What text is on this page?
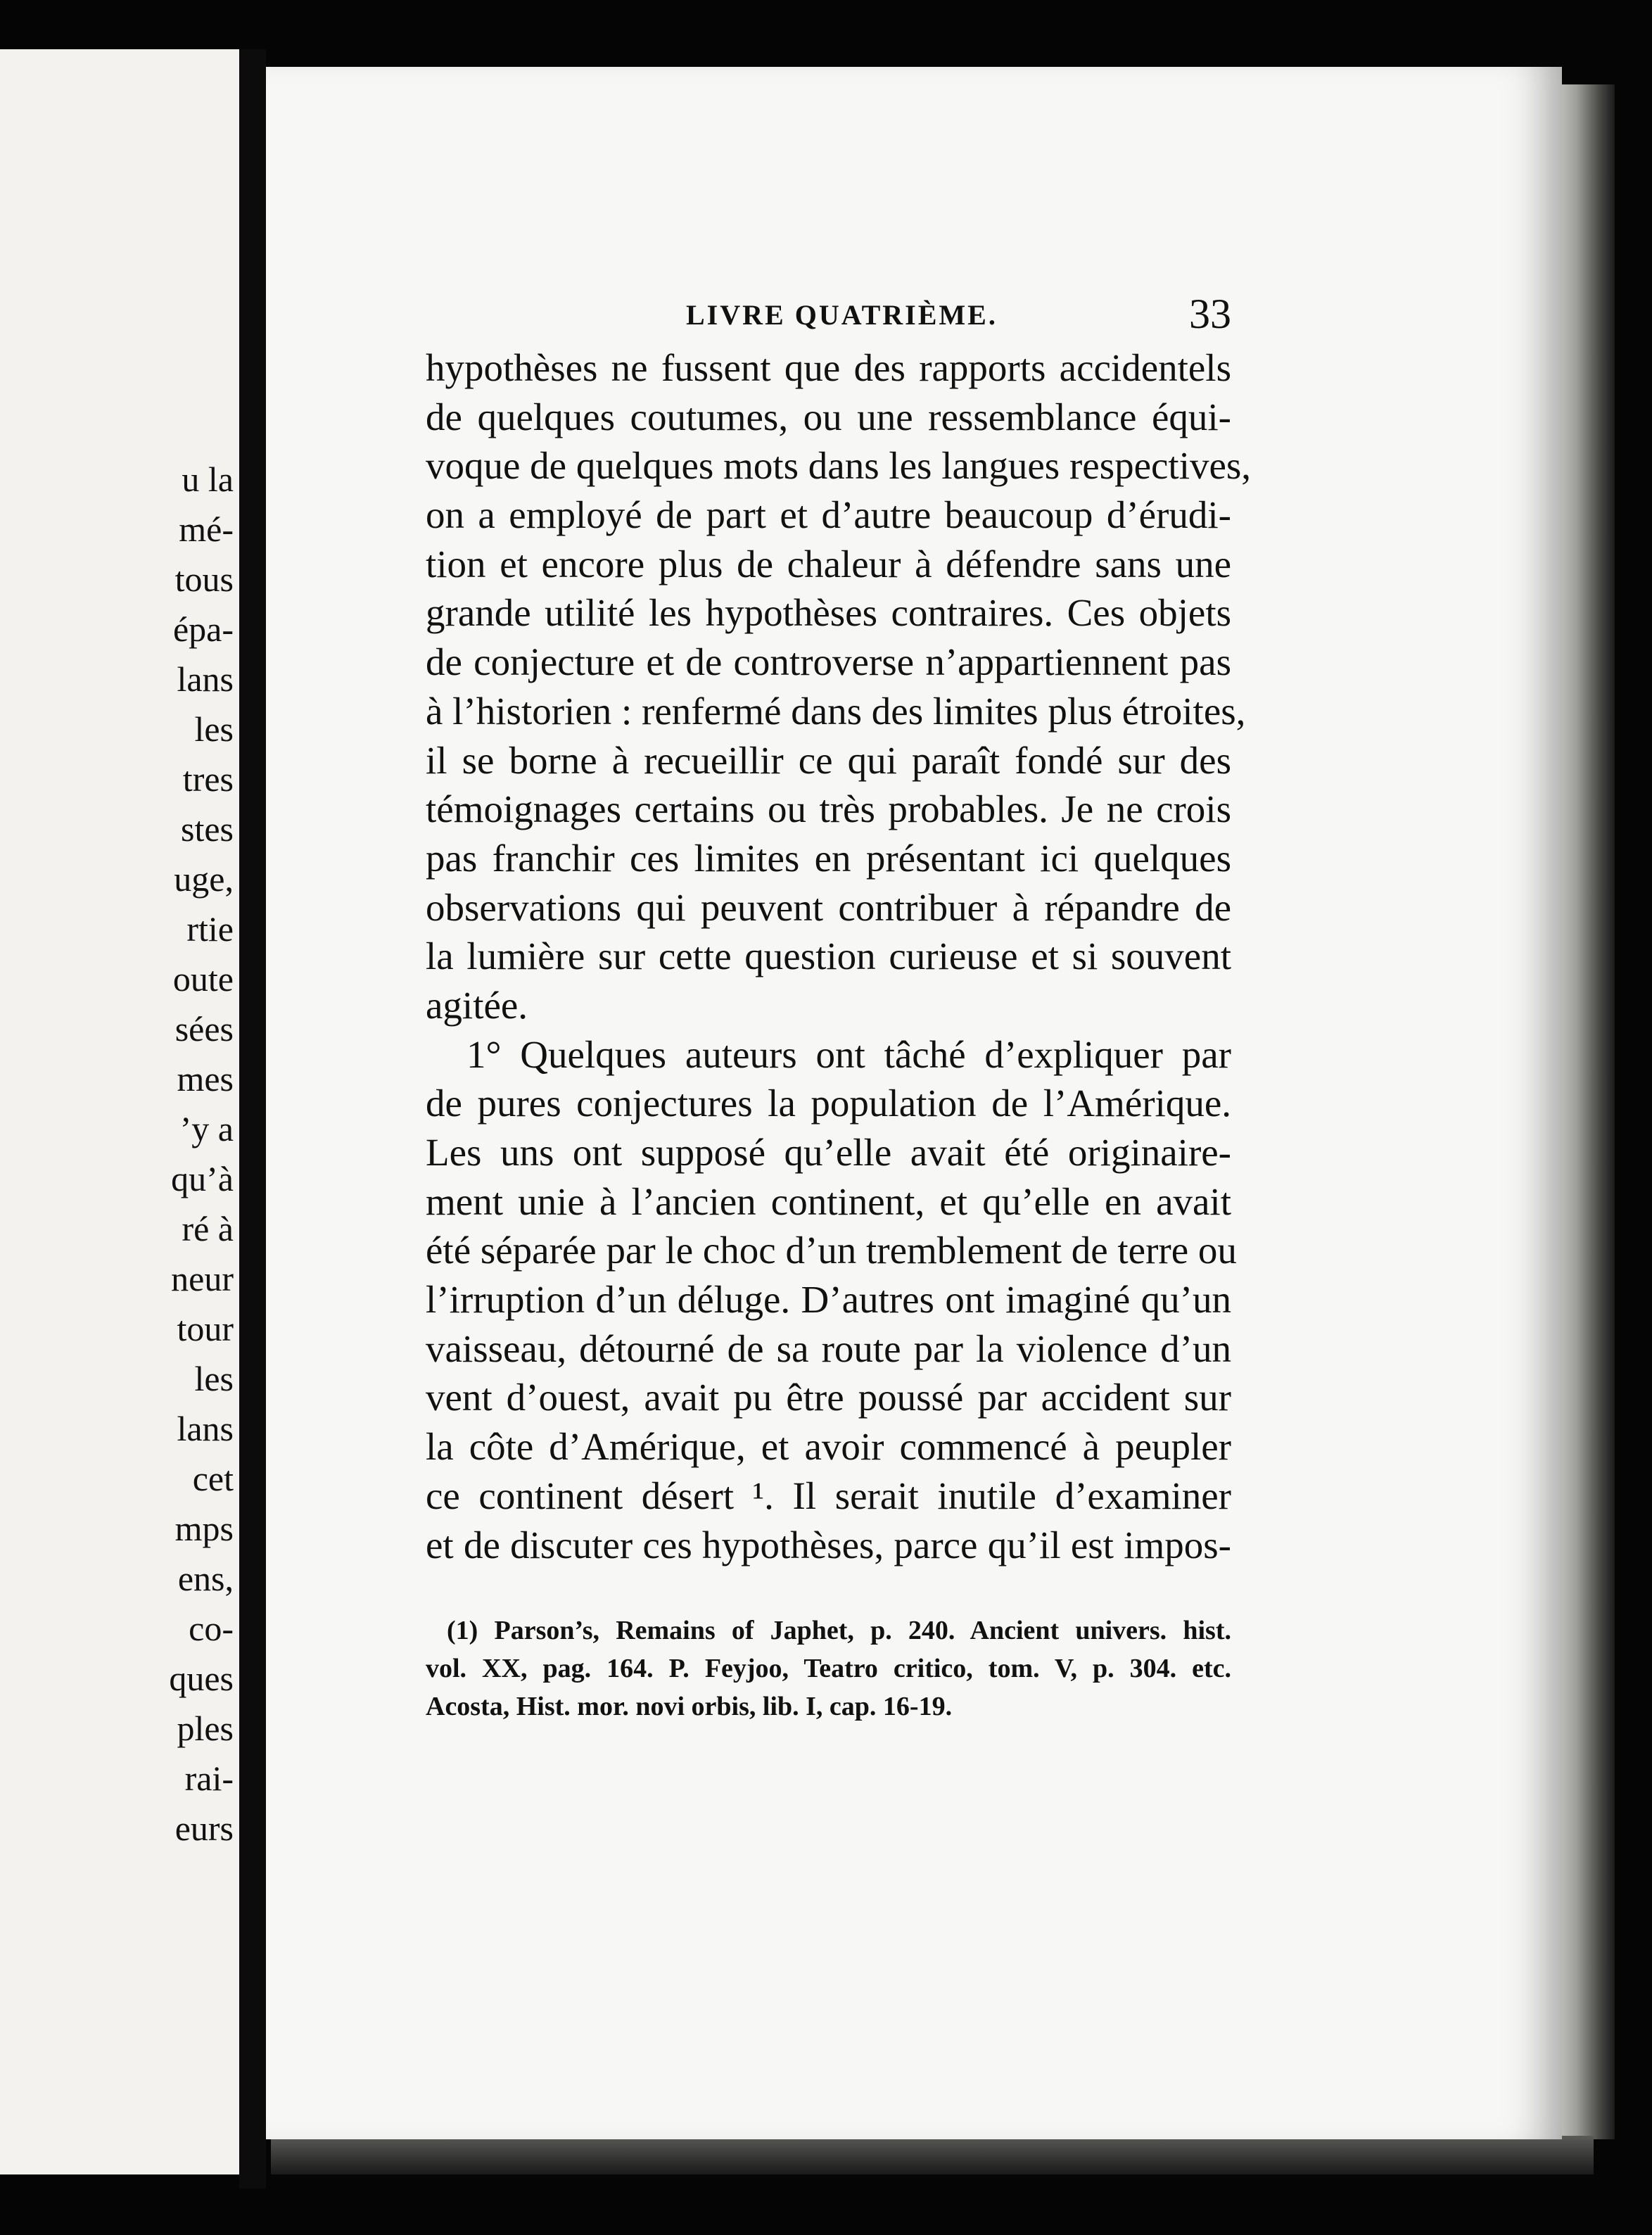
u la
mé-
tous
épa-
lans
les
tres
stes
uge,
rtie
oute
sées
mes
’y a
qu’à
ré à
neur
tour
les
lans
cet
mps
ens,
co-
ques
ples
rai-
eurs

LIVRE QUATRIÈME.	33
hypothèses ne fussent que des rapports accidentels
de quelques coutumes, ou une ressemblance équi-
voque de quelques mots dans les langues respectives,
on a employé de part et d’autre beaucoup d’érudi-
tion et encore plus de chaleur à défendre sans une
grande utilité les hypothèses contraires. Ces objets
de conjecture et de controverse n’appartiennent pas
à l’historien : renfermé dans des limites plus étroites,
il se borne à recueillir ce qui paraît fondé sur des
témoignages certains ou très probables. Je ne crois
pas franchir ces limites en présentant ici quelques
observations qui peuvent contribuer à répandre de
la lumière sur cette question curieuse et si souvent
agitée.
1° Quelques auteurs ont tâché d’expliquer par
de pures conjectures la population de l’Amérique.
Les uns ont supposé qu’elle avait été originaire-
ment unie à l’ancien continent, et qu’elle en avait
été séparée par le choc d’un tremblement de terre ou
l’irruption d’un déluge. D’autres ont imaginé qu’un
vaisseau, détourné de sa route par la violence d’un
vent d’ouest, avait pu être poussé par accident sur
la côte d’Amérique, et avoir commencé à peupler
ce continent désert ¹. Il serait inutile d’examiner
et de discuter ces hypothèses, parce qu’il est impos-
(1) Parson’s, Remains of Japhet, p. 240. Ancient univers. hist.
vol. XX, pag. 164. P. Feyjoo, Teatro critico, tom. V, p. 304. etc.
Acosta, Hist. mor. novi orbis, lib. I, cap. 16-19.
